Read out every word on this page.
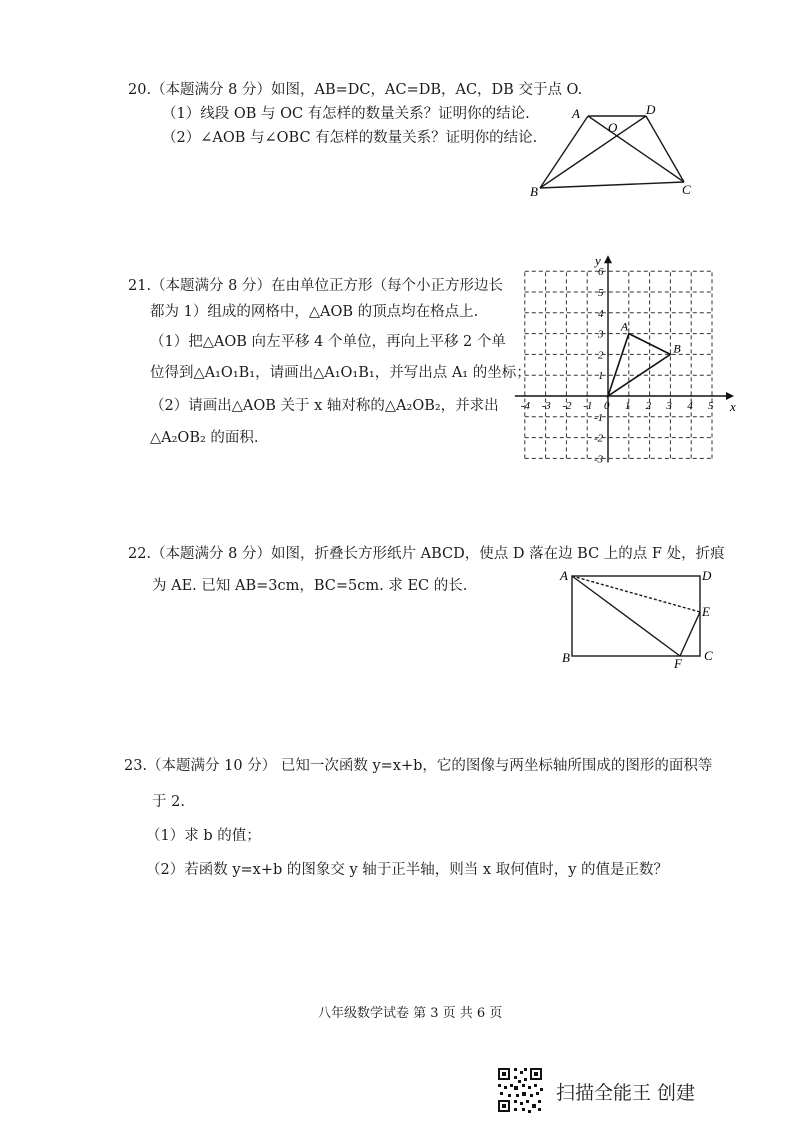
20.（本题满分 8 分）如图，AB=DC，AC=DB，AC，DB 交于点 O.
（1）线段 OB 与 OC 有怎样的数量关系？证明你的结论.
（2）∠AOB 与∠OBC 有怎样的数量关系？证明你的结论.
A	D
O
B	C
21.（本题满分 8 分）在由单位正方形（每个小正方形边长
都为 1）组成的网格中，△AOB 的顶点均在格点上.
（1）把△AOB 向左平移 4 个单位，再向上平移 2 个单
位得到△A₁O₁B₁，请画出△A₁O₁B₁，并写出点 A₁ 的坐标；
（2）请画出△AOB 关于 x 轴对称的△A₂OB₂，并求出
△A₂OB₂ 的面积.
x
y
-4 -3 -2 -1 0 1 2 3 4 5
6
5
4
3
2
1
-1
-2
-3
A
B
22.（本题满分 8 分）如图，折叠长方形纸片 ABCD，使点 D 落在边 BC 上的点 F 处，折痕
为 AE. 已知 AB=3cm，BC=5cm. 求 EC 的长.
A	D
E
B	F
C
23.（本题满分 10 分） 已知一次函数 y=x+b，它的图像与两坐标轴所围成的图形的面积等
于 2.
（1）求 b 的值；
（2）若函数 y=x+b 的图象交 y 轴于正半轴，则当 x 取何值时，y 的值是正数？
八年级数学试卷 第 3 页 共 6 页
扫描全能王 创建
